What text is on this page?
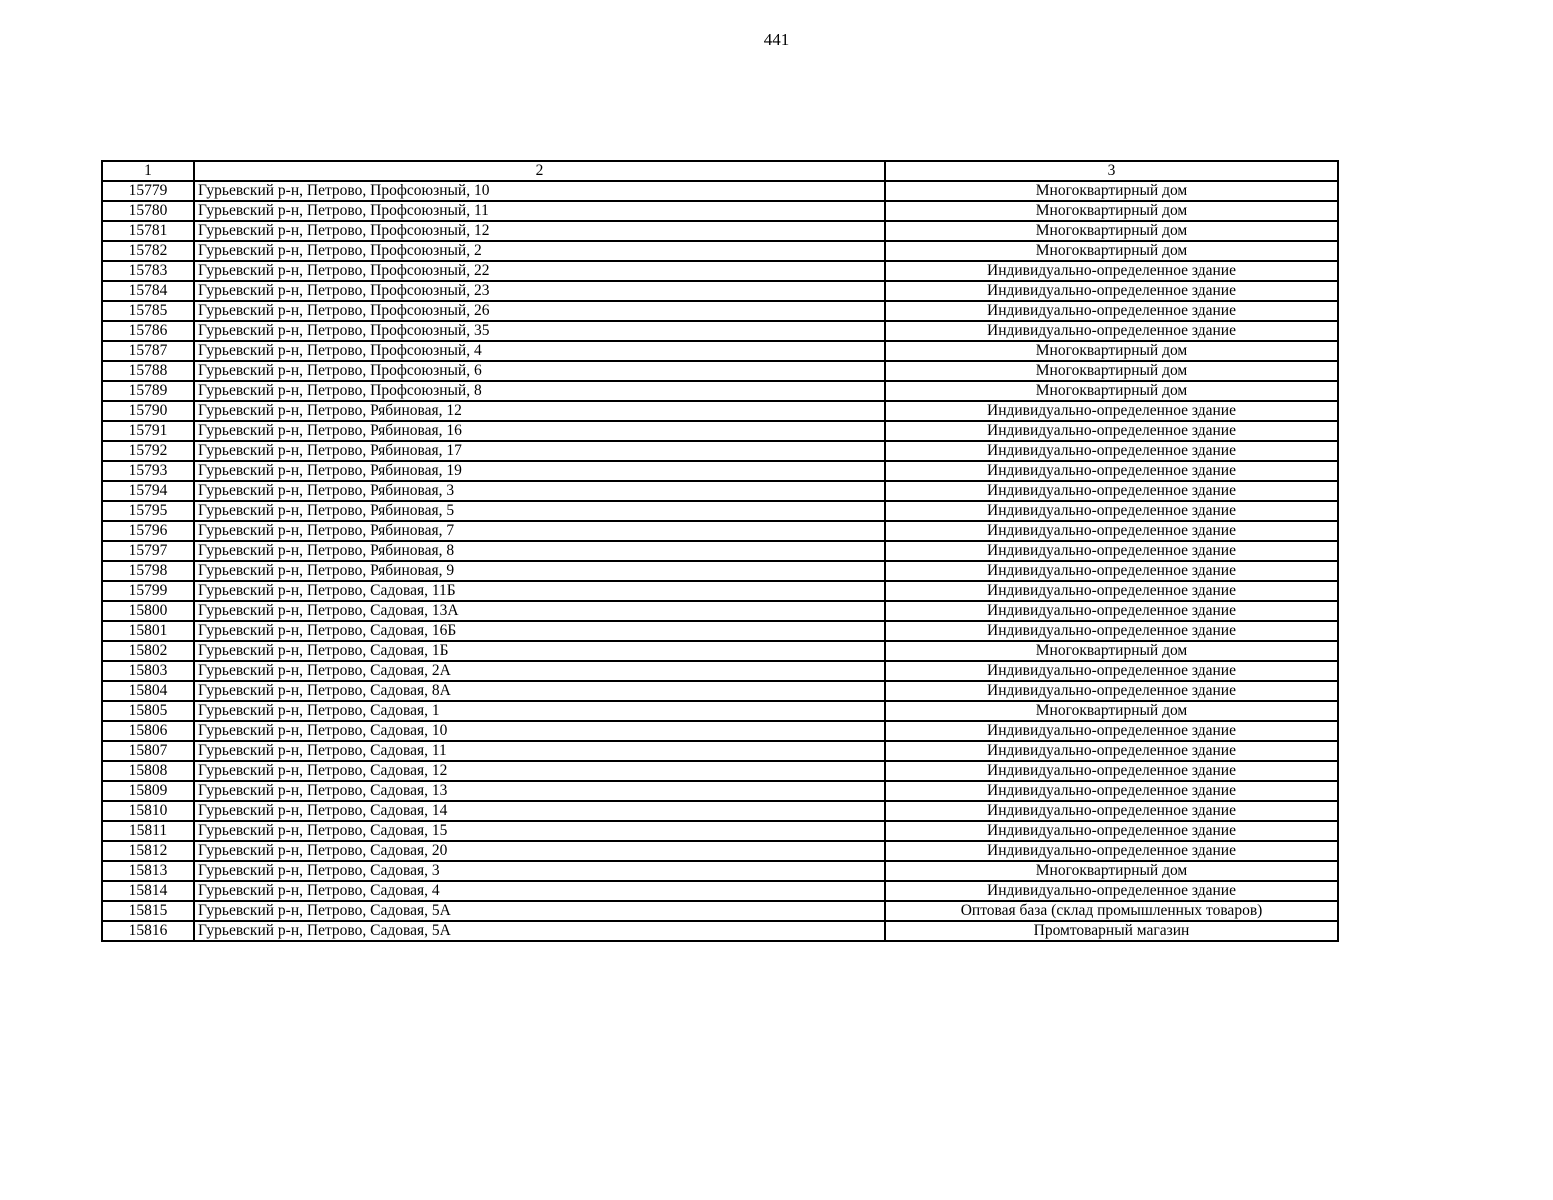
441
1	2	3
15779	Гурьевский р-н, Петрово, Профсоюзный, 10	Многоквартирный дом
15780	Гурьевский р-н, Петрово, Профсоюзный, 11	Многоквартирный дом
15781	Гурьевский р-н, Петрово, Профсоюзный, 12	Многоквартирный дом
15782	Гурьевский р-н, Петрово, Профсоюзный, 2	Многоквартирный дом
15783	Гурьевский р-н, Петрово, Профсоюзный, 22	Индивидуально-определенное здание
15784	Гурьевский р-н, Петрово, Профсоюзный, 23	Индивидуально-определенное здание
15785	Гурьевский р-н, Петрово, Профсоюзный, 26	Индивидуально-определенное здание
15786	Гурьевский р-н, Петрово, Профсоюзный, 35	Индивидуально-определенное здание
15787	Гурьевский р-н, Петрово, Профсоюзный, 4	Многоквартирный дом
15788	Гурьевский р-н, Петрово, Профсоюзный, 6	Многоквартирный дом
15789	Гурьевский р-н, Петрово, Профсоюзный, 8	Многоквартирный дом
15790	Гурьевский р-н, Петрово, Рябиновая, 12	Индивидуально-определенное здание
15791	Гурьевский р-н, Петрово, Рябиновая, 16	Индивидуально-определенное здание
15792	Гурьевский р-н, Петрово, Рябиновая, 17	Индивидуально-определенное здание
15793	Гурьевский р-н, Петрово, Рябиновая, 19	Индивидуально-определенное здание
15794	Гурьевский р-н, Петрово, Рябиновая, 3	Индивидуально-определенное здание
15795	Гурьевский р-н, Петрово, Рябиновая, 5	Индивидуально-определенное здание
15796	Гурьевский р-н, Петрово, Рябиновая, 7	Индивидуально-определенное здание
15797	Гурьевский р-н, Петрово, Рябиновая, 8	Индивидуально-определенное здание
15798	Гурьевский р-н, Петрово, Рябиновая, 9	Индивидуально-определенное здание
15799	Гурьевский р-н, Петрово, Садовая, 11Б	Индивидуально-определенное здание
15800	Гурьевский р-н, Петрово, Садовая, 13А	Индивидуально-определенное здание
15801	Гурьевский р-н, Петрово, Садовая, 16Б	Индивидуально-определенное здание
15802	Гурьевский р-н, Петрово, Садовая, 1Б	Многоквартирный дом
15803	Гурьевский р-н, Петрово, Садовая, 2А	Индивидуально-определенное здание
15804	Гурьевский р-н, Петрово, Садовая, 8А	Индивидуально-определенное здание
15805	Гурьевский р-н, Петрово, Садовая, 1	Многоквартирный дом
15806	Гурьевский р-н, Петрово, Садовая, 10	Индивидуально-определенное здание
15807	Гурьевский р-н, Петрово, Садовая, 11	Индивидуально-определенное здание
15808	Гурьевский р-н, Петрово, Садовая, 12	Индивидуально-определенное здание
15809	Гурьевский р-н, Петрово, Садовая, 13	Индивидуально-определенное здание
15810	Гурьевский р-н, Петрово, Садовая, 14	Индивидуально-определенное здание
15811	Гурьевский р-н, Петрово, Садовая, 15	Индивидуально-определенное здание
15812	Гурьевский р-н, Петрово, Садовая, 20	Индивидуально-определенное здание
15813	Гурьевский р-н, Петрово, Садовая, 3	Многоквартирный дом
15814	Гурьевский р-н, Петрово, Садовая, 4	Индивидуально-определенное здание
15815	Гурьевский р-н, Петрово, Садовая, 5А	Оптовая база (склад промышленных товаров)
15816	Гурьевский р-н, Петрово, Садовая, 5А	Промтоварный магазин
